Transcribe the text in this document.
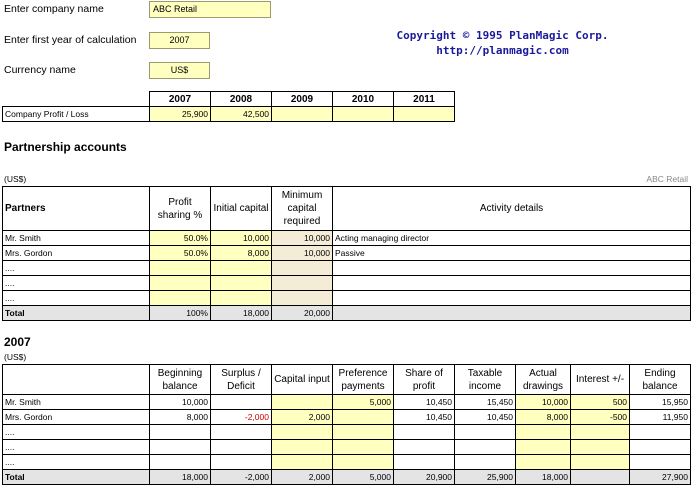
Enter company name	ABC Retail
Enter first year of calculation	2007
Currency name	US$
Copyright © 1995 PlanMagic Corp.
http://planmagic.com
	2007	2008	2009	2010	2011
Company Profit / Loss	25,900	42,500			
Partnership accounts
(US$)	ABC Retail
Partners	Profit sharing %	Initial capital	Minimum capital required	Activity details
Mr. Smith	50.0%	10,000	10,000	Acting managing director
Mrs. Gordon	50.0%	8,000	10,000	Passive
....				
....				
....				
Total	100%	18,000	20,000	
2007
(US$)
	Beginning balance	Surplus / Deficit	Capital input	Preference payments	Share of profit	Taxable income	Actual drawings	Interest +/-	Ending balance
Mr. Smith	10,000			5,000	10,450	15,450	10,000	500	15,950
Mrs. Gordon	8,000	-2,000	2,000		10,450	10,450	8,000	-500	11,950
....									
....									
....									
Total	18,000	-2,000	2,000	5,000	20,900	25,900	18,000		27,900
